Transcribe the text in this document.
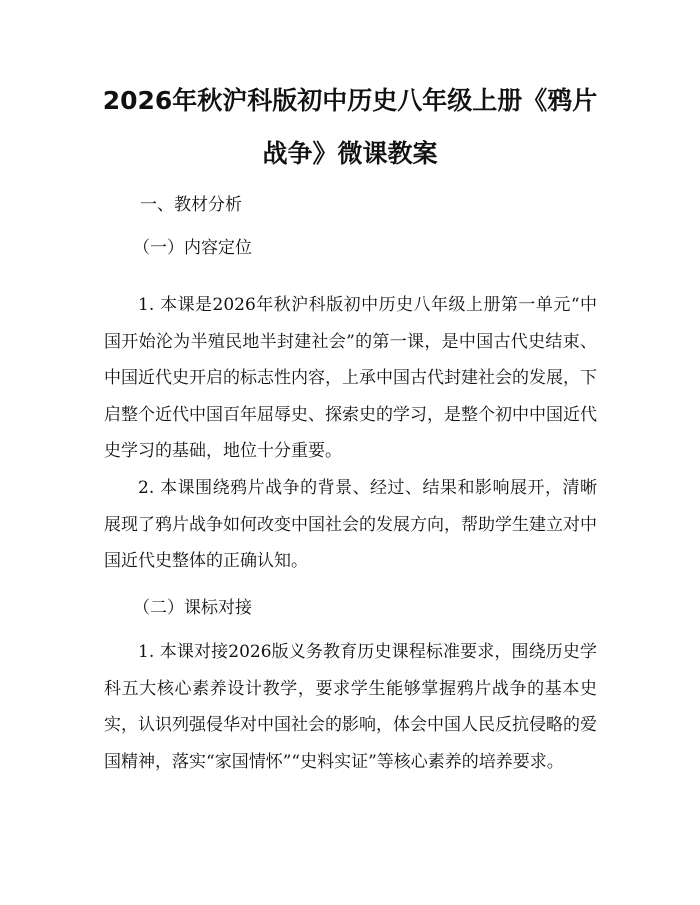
2026年秋沪科版初中历史八年级上册《鸦片
战争》微课教案

一、教材分析

（一）内容定位

1. 本课是2026年秋沪科版初中历史八年级上册第一单元“中国开始沦为半殖民地半封建社会”的第一课，是中国古代史结束、中国近代史开启的标志性内容，上承中国古代封建社会的发展，下启整个近代中国百年屈辱史、探索史的学习，是整个初中中国近代史学习的基础，地位十分重要。

2. 本课围绕鸦片战争的背景、经过、结果和影响展开，清晰展现了鸦片战争如何改变中国社会的发展方向，帮助学生建立对中国近代史整体的正确认知。

（二）课标对接

1. 本课对接2026版义务教育历史课程标准要求，围绕历史学科五大核心素养设计教学，要求学生能够掌握鸦片战争的基本史实，认识列强侵华对中国社会的影响，体会中国人民反抗侵略的爱国精神，落实“家国情怀”“史料实证”等核心素养的培养要求。
